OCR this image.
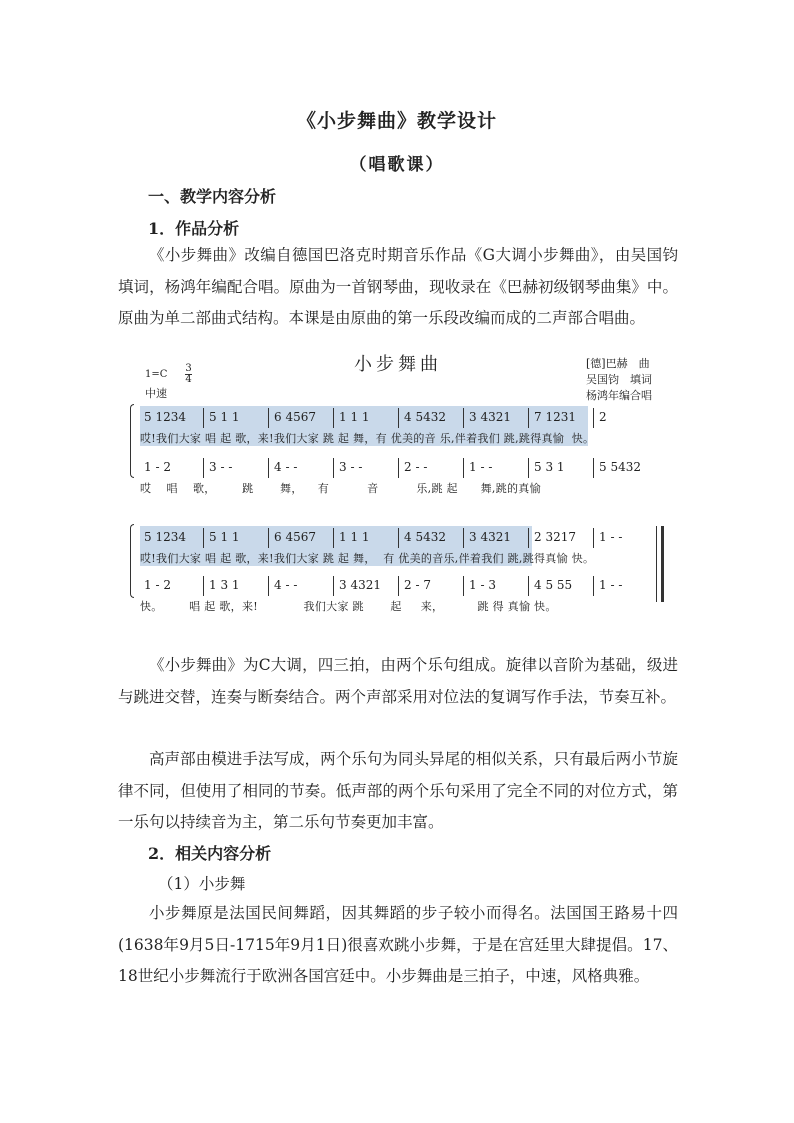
《小步舞曲》教学设计
（唱歌课）
一、教学内容分析
1．作品分析
《小步舞曲》改编自德国巴洛克时期音乐作品《G大调小步舞曲》，由吴国钧填词，杨鸿年编配合唱。原曲为一首钢琴曲，现收录在《巴赫初级钢琴曲集》中。原曲为单二部曲式结构。本课是由原曲的第一乐段改编而成的二声部合唱曲。
小步舞曲
1=C
3
4
中速
[德]巴赫　曲
吴国钧　填词
杨鸿年编合唱
5 1234 5 1 1	6 4567 1 1 1	4 5432 3 4321 7 1231 2
哎!我们大家 唱 起 歌，来!我们大家 跳 起 舞，有 优美的音 乐,伴着我们 跳,跳得真愉  快。
1 - 2	3 - -	4 - -	3 - -	2 - -	1 - -	5 3 1	5 5432
哎    唱    歌，       跳       舞，    有          音          乐,跳 起      舞,跳的真愉
5 1234 5 1 1	6 4567 1 1 1	4 5432 3 4321 2 3217 1 - -
哎!我们大家 唱 起 歌，来!我们大家 跳 起 舞，  有 优美的音乐,伴着我们 跳,跳得真愉 快。
1 - 2	1 3 1	4 - -	3 4321 2 - 7	1 - 3	4 5 55 1 - -
快。       唱 起 歌，来!            我们大家 跳       起     来，         跳 得 真愉 快。
《小步舞曲》为C大调，四三拍，由两个乐句组成。旋律以音阶为基础，级进与跳进交替，连奏与断奏结合。两个声部采用对位法的复调写作手法，节奏互补。
高声部由模进手法写成，两个乐句为同头异尾的相似关系，只有最后两小节旋律不同，但使用了相同的节奏。低声部的两个乐句采用了完全不同的对位方式，第一乐句以持续音为主，第二乐句节奏更加丰富。
2．相关内容分析
（1）小步舞
小步舞原是法国民间舞蹈，因其舞蹈的步子较小而得名。法国国王路易十四(1638年9月5日-1715年9月1日)很喜欢跳小步舞，于是在宫廷里大肆提倡。17、18世纪小步舞流行于欧洲各国宫廷中。小步舞曲是三拍子，中速，风格典雅。
